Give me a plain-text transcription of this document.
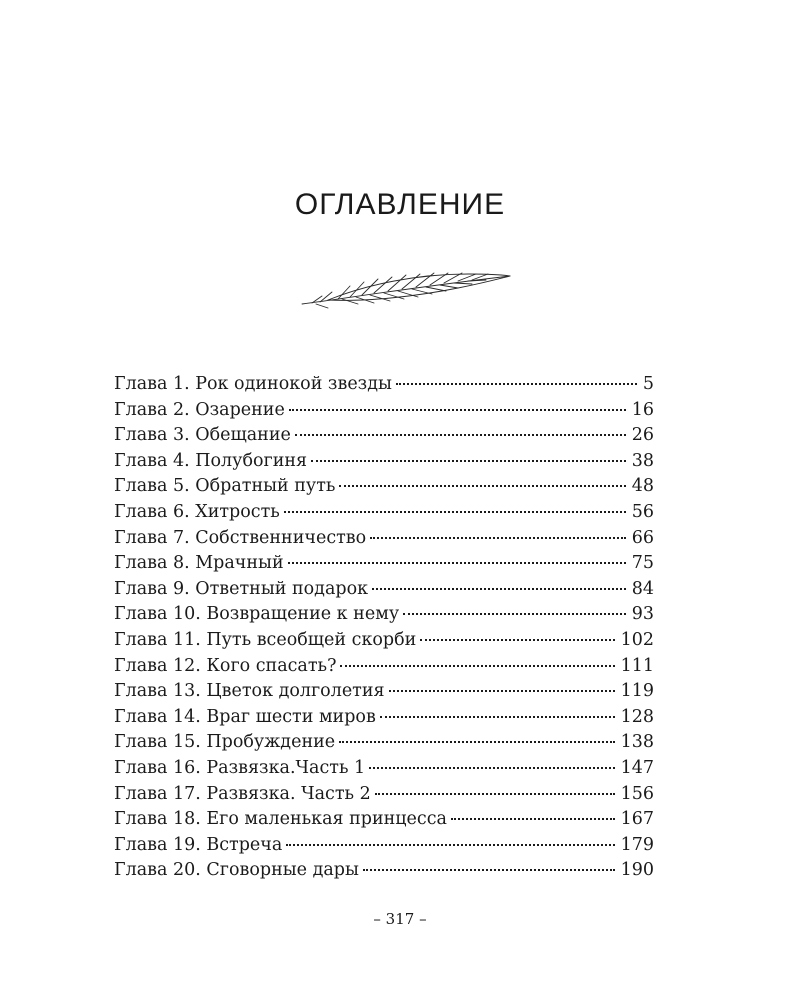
ОГЛАВЛЕНИЕ
Глава 1. Рок одинокой звезды	5
Глава 2. Озарение	16
Глава 3. Обещание	26
Глава 4. Полубогиня	38
Глава 5. Обратный путь	48
Глава 6. Хитрость	56
Глава 7. Собственничество	66
Глава 8. Мрачный	75
Глава 9. Ответный подарок	84
Глава 10. Возвращение к нему	93
Глава 11. Путь всеобщей скорби	102
Глава 12. Кого спасать?	111
Глава 13. Цветок долголетия	119
Глава 14. Враг шести миров	128
Глава 15. Пробуждение	138
Глава 16. Развязка.Часть 1	147
Глава 17. Развязка. Часть 2	156
Глава 18. Его маленькая принцесса	167
Глава 19. Встреча	179
Глава 20. Сговорные дары	190
– 317 –
